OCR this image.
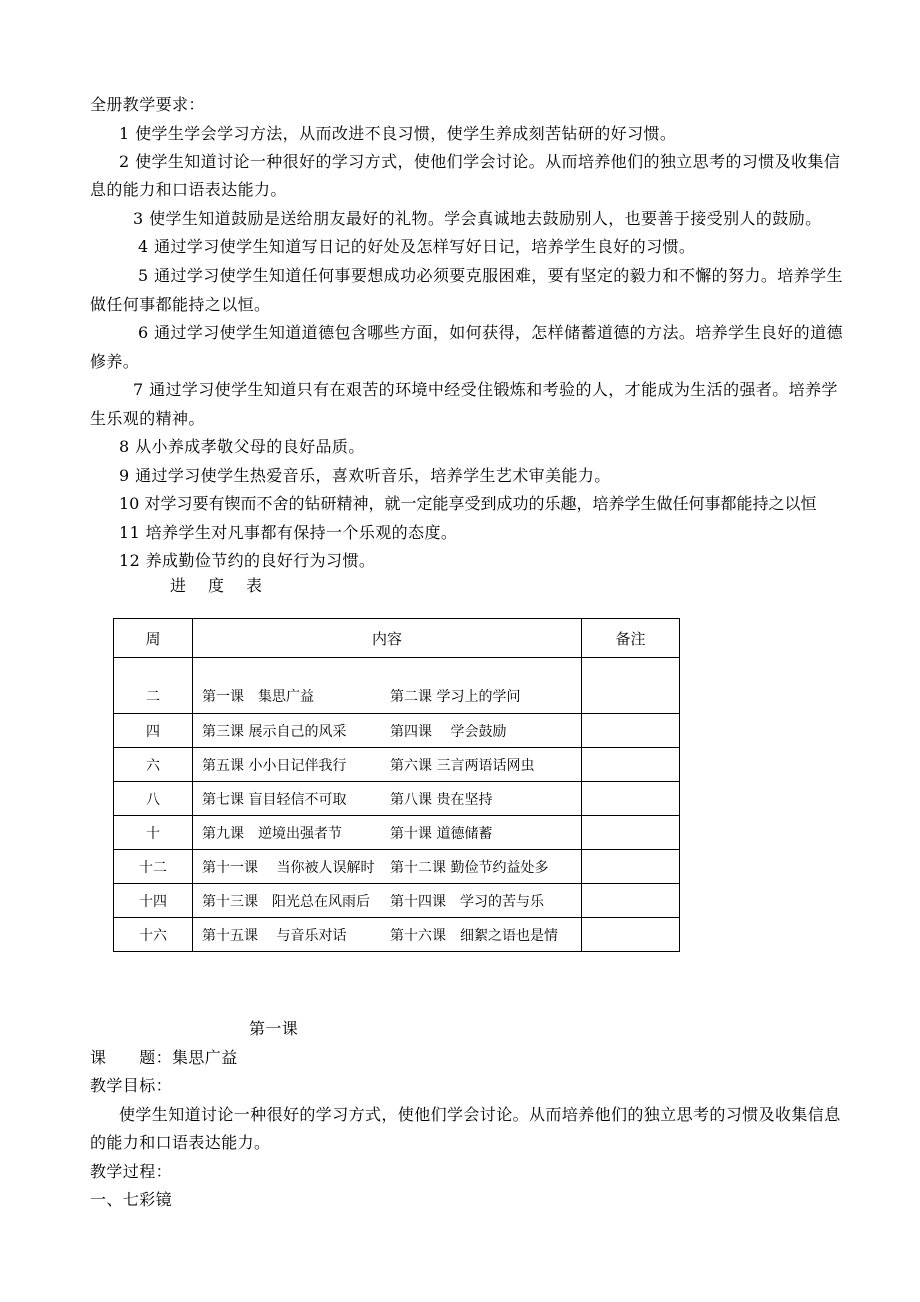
全册教学要求：
1 使学生学会学习方法，从而改进不良习惯，使学生养成刻苦钻研的好习惯。
2 使学生知道讨论一种很好的学习方式，使他们学会讨论。从而培养他们的独立思考的习惯及收集信
息的能力和口语表达能力。
3 使学生知道鼓励是送给朋友最好的礼物。学会真诚地去鼓励别人，也要善于接受别人的鼓励。
4 通过学习使学生知道写日记的好处及怎样写好日记，培养学生良好的习惯。
5 通过学习使学生知道任何事要想成功必须要克服困难，要有坚定的毅力和不懈的努力。培养学生
做任何事都能持之以恒。
6 通过学习使学生知道道德包含哪些方面，如何获得，怎样储蓄道德的方法。培养学生良好的道德
修养。
7 通过学习使学生知道只有在艰苦的环境中经受住锻炼和考验的人，才能成为生活的强者。培养学
生乐观的精神。
8 从小养成孝敬父母的良好品质。
9 通过学习使学生热爱音乐，喜欢听音乐，培养学生艺术审美能力。
10 对学习要有锲而不舍的钻研精神，就一定能享受到成功的乐趣，培养学生做任何事都能持之以恒
11 培养学生对凡事都有保持一个乐观的态度。
12 养成勤俭节约的良好行为习惯。
进 度 表
周	内容	备注
二	第一课　集思广益 第二课 学习上的学问	
四	第三课 展示自己的风采 第四课　 学会鼓励	
六	第五课 小小日记伴我行 第六课 三言两语话网虫	
八	第七课 盲目轻信不可取 第八课 贵在坚持	
十	第九课　逆境出强者节 第十课 道德储蓄	
十二	第十一课　 当你被人误解时 第十二课 勤俭节约益处多	
十四	第十三课　阳光总在风雨后 第十四课　学习的苦与乐	
十六	第十五课　 与音乐对话 第十六课　细絮之语也是情	
第一课
课　　题：集思广益
教学目标：
使学生知道讨论一种很好的学习方式，使他们学会讨论。从而培养他们的独立思考的习惯及收集信息
的能力和口语表达能力。
教学过程：
一、七彩镜
